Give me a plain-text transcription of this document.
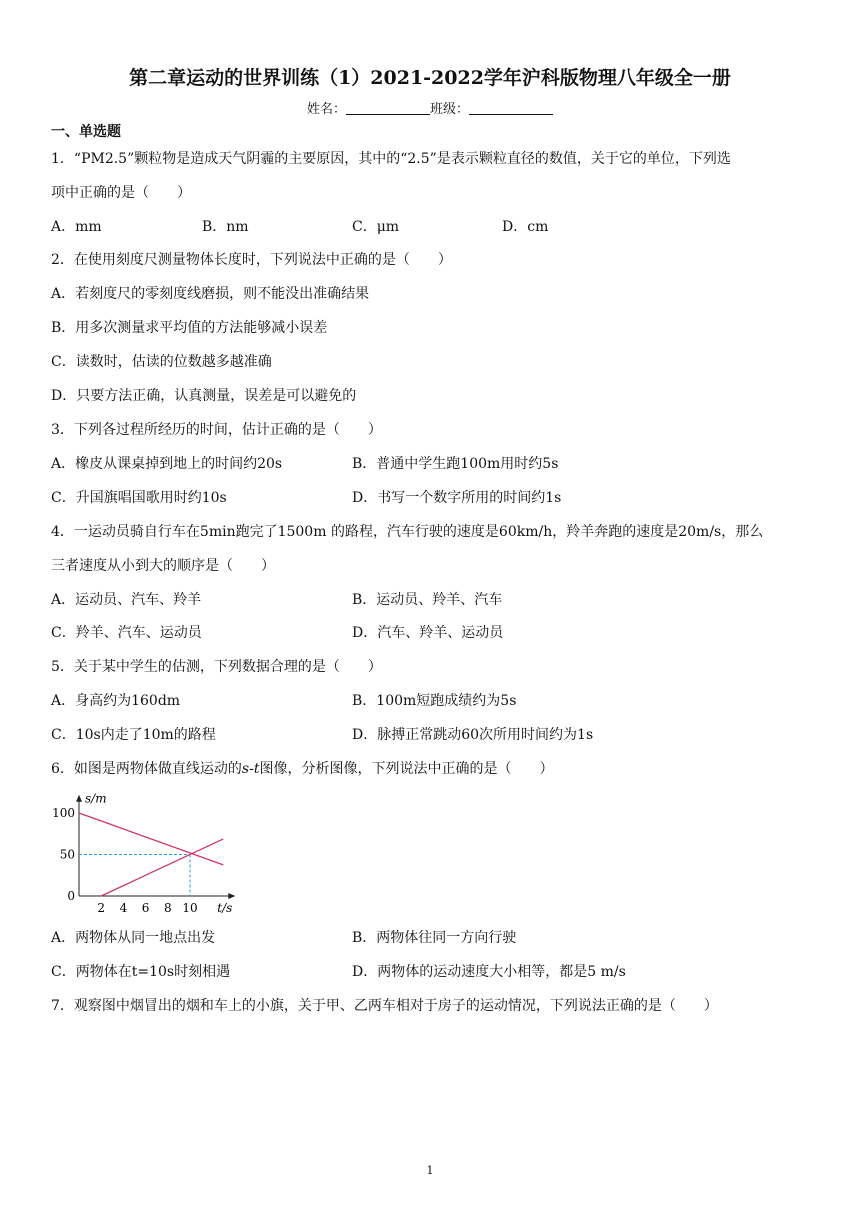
第二章运动的世界训练（1）2021-2022学年沪科版物理八年级全一册
姓名：	班级：
一、单选题
1．“PM2.5”颗粒物是造成天气阴霾的主要原因，其中的“2.5”是表示颗粒直径的数值，关于它的单位，下列选
项中正确的是（　　）
A．mm	B．nm	C．μm	D．cm
2．在使用刻度尺测量物体长度时，下列说法中正确的是（　　）
A．若刻度尺的零刻度线磨损，则不能没出准确结果
B．用多次测量求平均值的方法能够减小误差
C．读数时，估读的位数越多越准确
D．只要方法正确，认真测量，误差是可以避免的
3．下列各过程所经历的时间，估计正确的是（　　）
A．橡皮从课桌掉到地上的时间约20s	B．普通中学生跑100m用时约5s
C．升国旗唱国歌用时约10s	D．书写一个数字所用的时间约1s
4．一运动员骑自行车在5min跑完了1500m 的路程，汽车行驶的速度是60km/h，羚羊奔跑的速度是20m/s，那么
三者速度从小到大的顺序是（　　）
A．运动员、汽车、羚羊	B．运动员、羚羊、汽车
C．羚羊、汽车、运动员	D．汽车、羚羊、运动员
5．关于某中学生的估测，下列数据合理的是（　　）
A．身高约为160dm	B．100m短跑成绩约为5s
C．10s内走了10m的路程	D．脉搏正常跳动60次所用时间约为1s
6．如图是两物体做直线运动的s-t图像，分析图像，下列说法中正确的是（　　）
s/m
t/s
2 4 6 8 10
100
50
0
A．两物体从同一地点出发	B．两物体往同一方向行驶
C．两物体在t=10s时刻相遇	D．两物体的运动速度大小相等，都是5 m/s
7．观察图中烟冒出的烟和车上的小旗，关于甲、乙两车相对于房子的运动情况，下列说法正确的是（　　）
1
